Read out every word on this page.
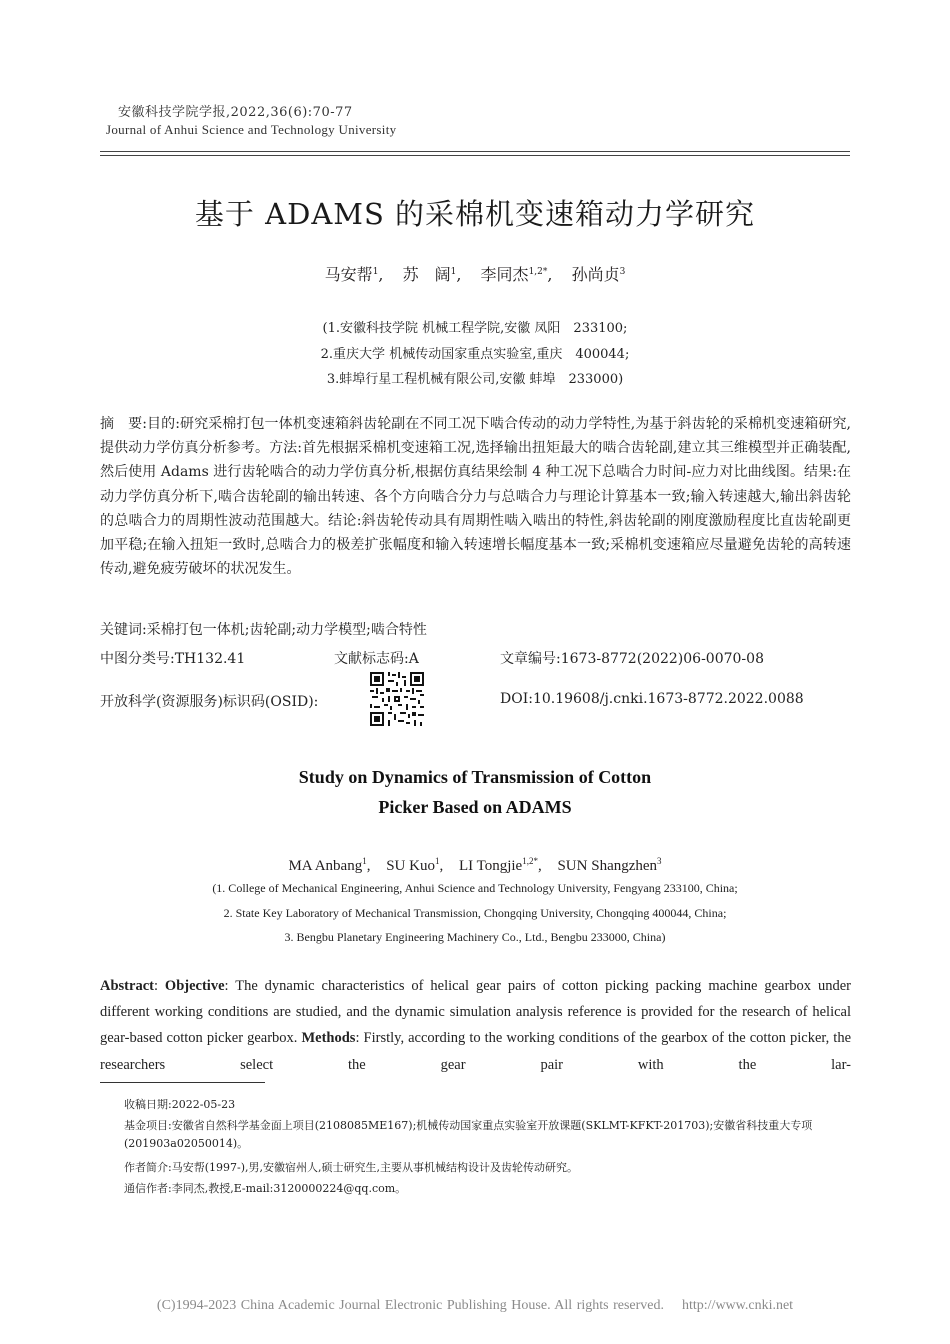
安徽科技学院学报,2022,36(6):70-77
Journal of Anhui Science and Technology University
基于 ADAMS 的采棉机变速箱动力学研究
马安帮$^1$, 苏　阔$^1$, 李同杰$^{1,2*}$, 孙尚贞$^3$
(1.安徽科技学院 机械工程学院,安徽 凤阳　233100;
2.重庆大学 机械传动国家重点实验室,重庆　400044;
3.蚌埠行星工程机械有限公司,安徽 蚌埠　233000)
摘　要:目的:研究采棉打包一体机变速箱斜齿轮副在不同工况下啮合传动的动力学特性,为基于斜齿轮的采棉机变速箱研究,提供动力学仿真分析参考。方法:首先根据采棉机变速箱工况,选择输出扭矩最大的啮合齿轮副,建立其三维模型并正确装配,然后使用 Adams 进行齿轮啮合的动力学仿真分析,根据仿真结果绘制 4 种工况下总啮合力时间-应力对比曲线图。结果:在动力学仿真分析下,啮合齿轮副的输出转速、各个方向啮合分力与总啮合力与理论计算基本一致;输入转速越大,输出斜齿轮的总啮合力的周期性波动范围越大。结论:斜齿轮传动具有周期性啮入啮出的特性,斜齿轮副的刚度激励程度比直齿轮副更加平稳;在输入扭矩一致时,总啮合力的极差扩张幅度和输入转速增长幅度基本一致;采棉机变速箱应尽量避免齿轮的高转速传动,避免疲劳破坏的状况发生。
关键词:采棉打包一体机;齿轮副;动力学模型;啮合特性
中图分类号:TH132.41	文献标志码:A	文章编号:1673-8772(2022)06-0070-08
开放科学(资源服务)标识码(OSID):	DOI:10.19608/j.cnki.1673-8772.2022.0088
Study on Dynamics of Transmission of Cotton
Picker Based on ADAMS
MA Anbang$^1$, SU Kuo$^1$, LI Tongjie$^{1,2*}$, SUN Shangzhen$^3$
(1. College of Mechanical Engineering, Anhui Science and Technology University, Fengyang 233100, China;
2. State Key Laboratory of Mechanical Transmission, Chongqing University, Chongqing 400044, China;
3. Bengbu Planetary Engineering Machinery Co., Ltd., Bengbu 233000, China)
Abstract: Objective: The dynamic characteristics of helical gear pairs of cotton picking packing machine gearbox under different working conditions are studied, and the dynamic simulation analysis reference is provided for the research of helical gear-based cotton picker gearbox. Methods: Firstly, according to the working conditions of the gearbox of the cotton picker, the researchers select the gear pair with the lar-
收稿日期:2022-05-23
基金项目:安徽省自然科学基金面上项目(2108085ME167);机械传动国家重点实验室开放课题(SKLMT-KFKT-201703);安徽省科技重大专项(201903a02050014)。
作者简介:马安帮(1997-),男,安徽宿州人,硕士研究生,主要从事机械结构设计及齿轮传动研究。
通信作者:李同杰,教授,E-mail:3120000224@qq.com。
(C)1994-2023 China Academic Journal Electronic Publishing House. All rights reserved.    http://www.cnki.net
